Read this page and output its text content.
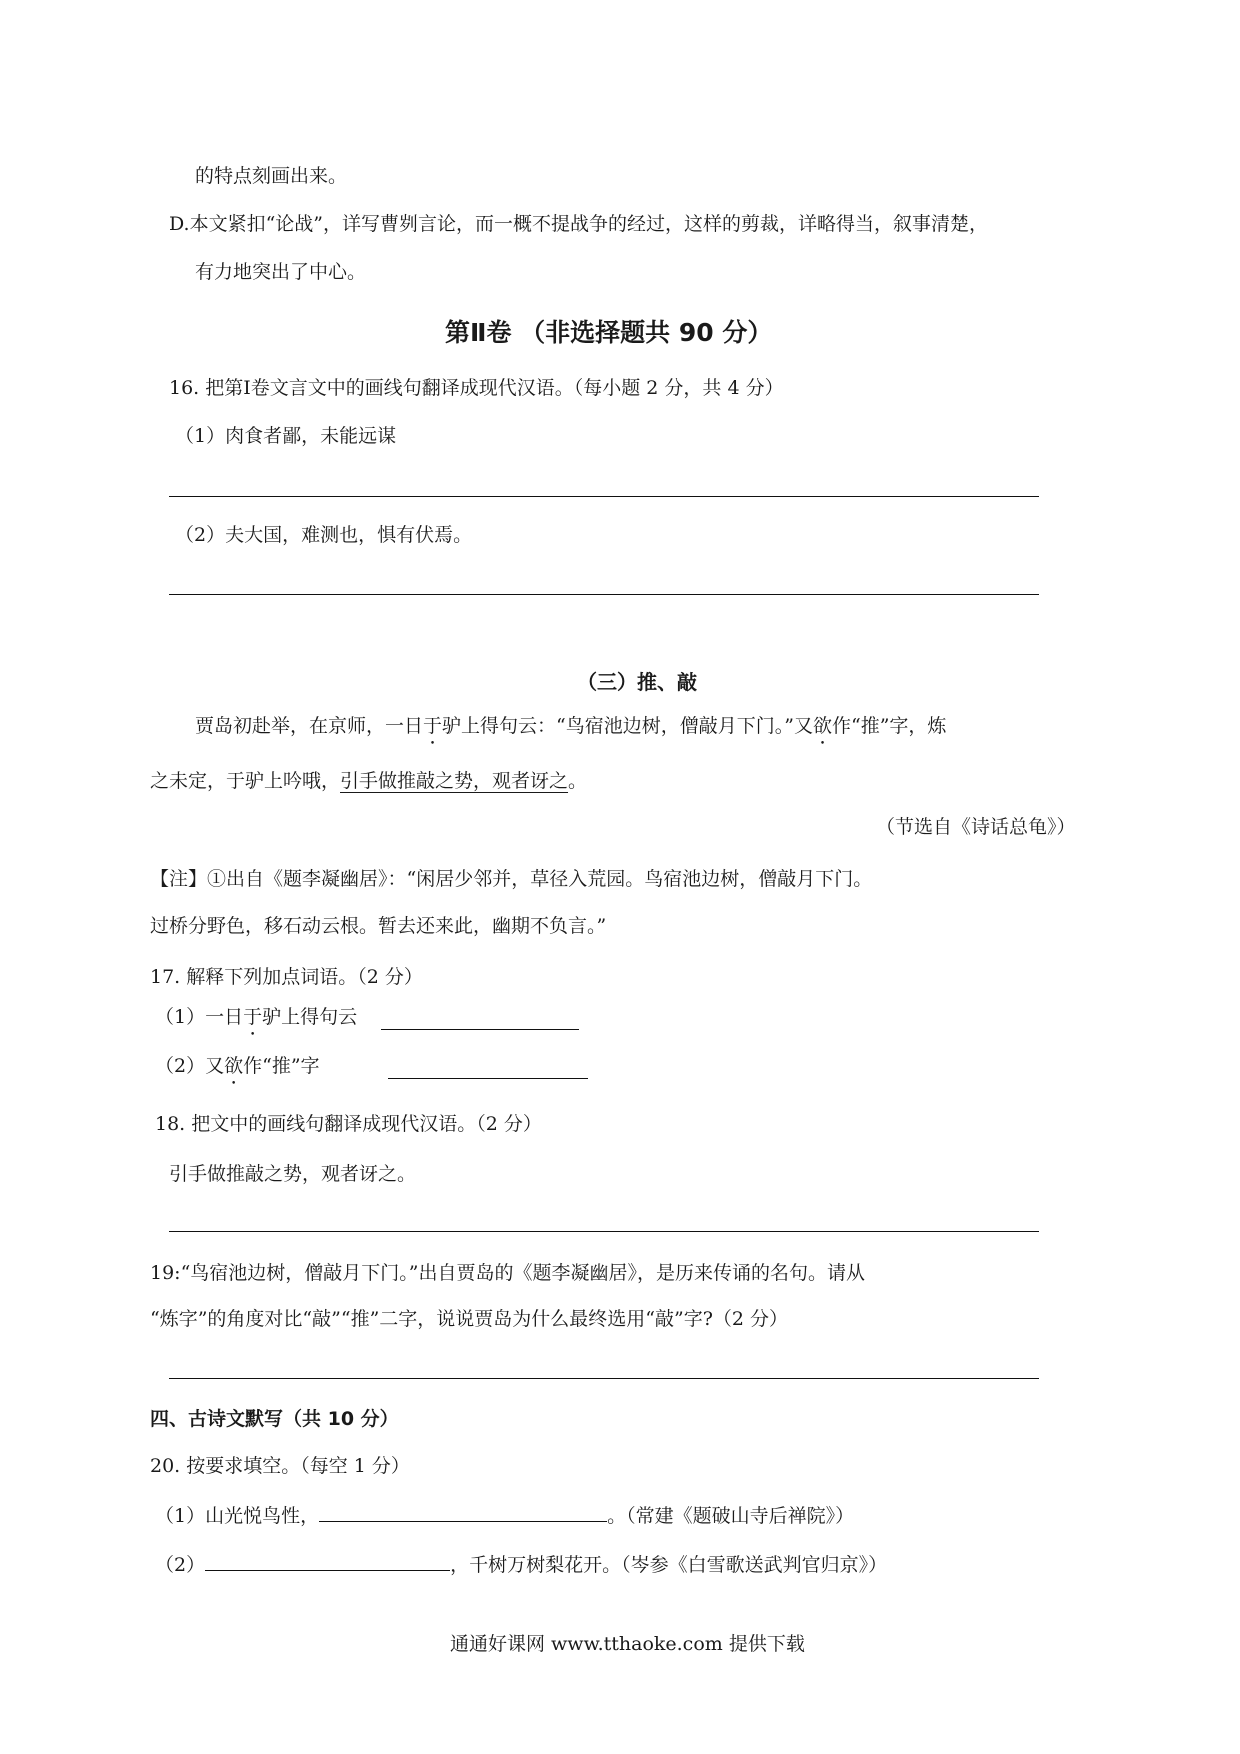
的特点刻画出来。
D.本文紧扣“论战”，详写曹刿言论，而一概不提战争的经过，这样的剪裁，详略得当，叙事清楚，
有力地突出了中心。
第Ⅱ卷 （非选择题共 90 分）
16. 把第Ⅰ卷文言文中的画线句翻译成现代汉语。（每小题 2 分，共 4 分）
（1）肉食者鄙，未能远谋
（2）夫大国，难测也，惧有伏焉。
（三）推、敲
贾岛初赴举，在京师，一日于驴上得句云：“鸟宿池边树，僧敲月下门。”又欲作“推”字，炼
之未定，于驴上吟哦，引手做推敲之势，观者讶之。
（节选自《诗话总龟》）
【注】①出自《题李凝幽居》：“闲居少邻并，草径入荒园。鸟宿池边树，僧敲月下门。
过桥分野色，移石动云根。暂去还来此，幽期不负言。”
17. 解释下列加点词语。（2 分）
（1）一日于驴上得句云
（2）又欲作“推”字
18. 把文中的画线句翻译成现代汉语。（2 分）
引手做推敲之势，观者讶之。
19:“鸟宿池边树，僧敲月下门。”出自贾岛的《题李凝幽居》，是历来传诵的名句。请从
“炼字”的角度对比“敲”“推”二字，说说贾岛为什么最终选用“敲”字?（2 分）
四、古诗文默写（共 10 分）
20. 按要求填空。（每空 1 分）
（1）山光悦鸟性，	。（常建《题破山寺后禅院》）
（2）	，千树万树梨花开。（岑参《白雪歌送武判官归京》）
通通好课网 www.tthaoke.com 提供下载
